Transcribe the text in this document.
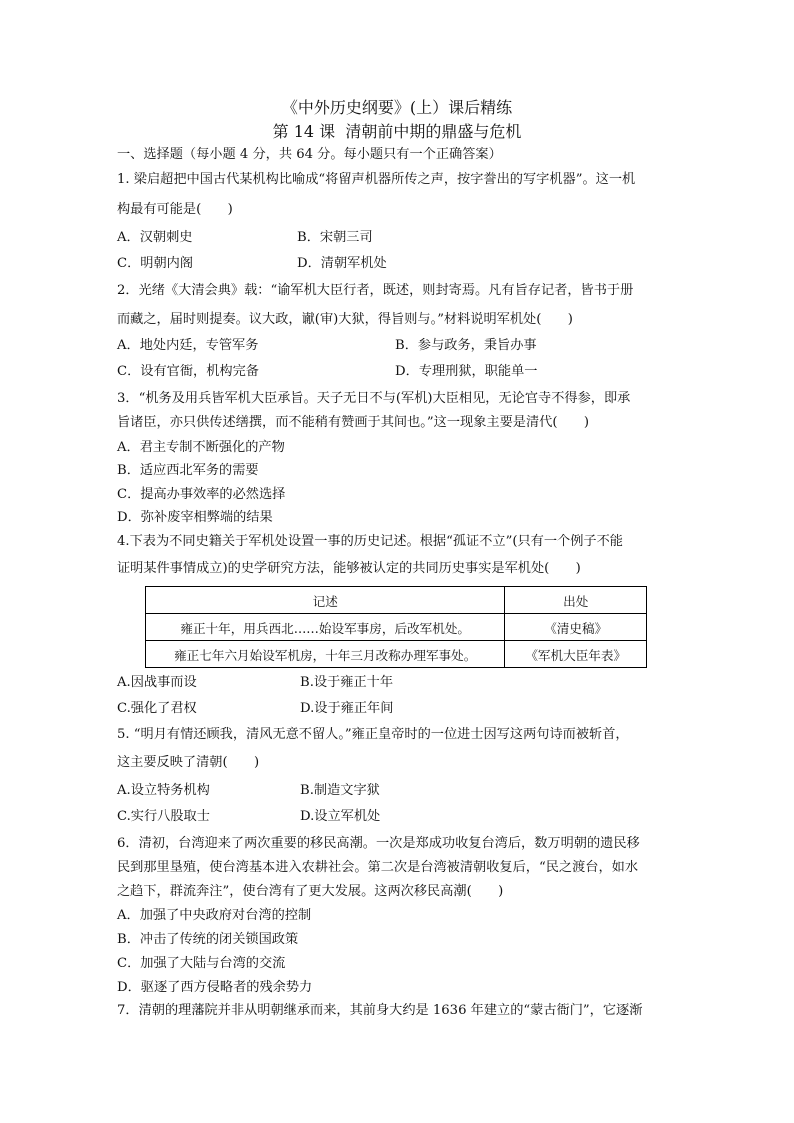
《中外历史纲要》(上）课后精练
第 14 课  清朝前中期的鼎盛与危机
一、选择题（每小题 4 分，共 64 分。每小题只有一个正确答案）
1. 梁启超把中国古代某机构比喻成“将留声机器所传之声，按字誊出的写字机器”。这一机
构最有可能是(　　)
A．汉朝刺史	B．宋朝三司
C．明朝内阁	D．清朝军机处
2．光绪《大清会典》载：“谕军机大臣行者，既述，则封寄焉。凡有旨存记者，皆书于册
而藏之，届时则提奏。议大政，谳(审)大狱，得旨则与。”材料说明军机处(　　)
A．地处内廷，专管军务	B．参与政务，秉旨办事
C．设有官衙，机构完备	D．专理刑狱，职能单一
3．“机务及用兵皆军机大臣承旨。天子无日不与(军机)大臣相见，无论官寺不得参，即承
旨诸臣，亦只供传述缮撰，而不能稍有赞画于其间也。”这一现象主要是清代(　　)
A．君主专制不断强化的产物
B．适应西北军务的需要
C．提高办事效率的必然选择
D．弥补废宰相弊端的结果
4.下表为不同史籍关于军机处设置一事的历史记述。根据“孤证不立”(只有一个例子不能
证明某件事情成立)的史学研究方法，能够被认定的共同历史事实是军机处(　　)
记述	出处
雍正十年，用兵西北……始设军事房，后改军机处。	《清史稿》
雍正七年六月始设军机房，十年三月改称办理军事处。	《军机大臣年表》
A.因战事而设	B.设于雍正十年
C.强化了君权	D.设于雍正年间
5. “明月有情还顾我，清风无意不留人。”雍正皇帝时的一位进士因写这两句诗而被斩首，
这主要反映了清朝(　　)
A.设立特务机构	B.制造文字狱
C.实行八股取士	D.设立军机处
6．清初，台湾迎来了两次重要的移民高潮。一次是郑成功收复台湾后，数万明朝的遗民移
民到那里垦殖，使台湾基本进入农耕社会。第二次是台湾被清朝收复后，“民之渡台，如水
之趋下，群流奔注”，使台湾有了更大发展。这两次移民高潮(　　)
A．加强了中央政府对台湾的控制
B．冲击了传统的闭关锁国政策
C．加强了大陆与台湾的交流
D．驱逐了西方侵略者的残余势力
7．清朝的理藩院并非从明朝继承而来，其前身大约是 1636 年建立的“蒙古衙门”，它逐渐
